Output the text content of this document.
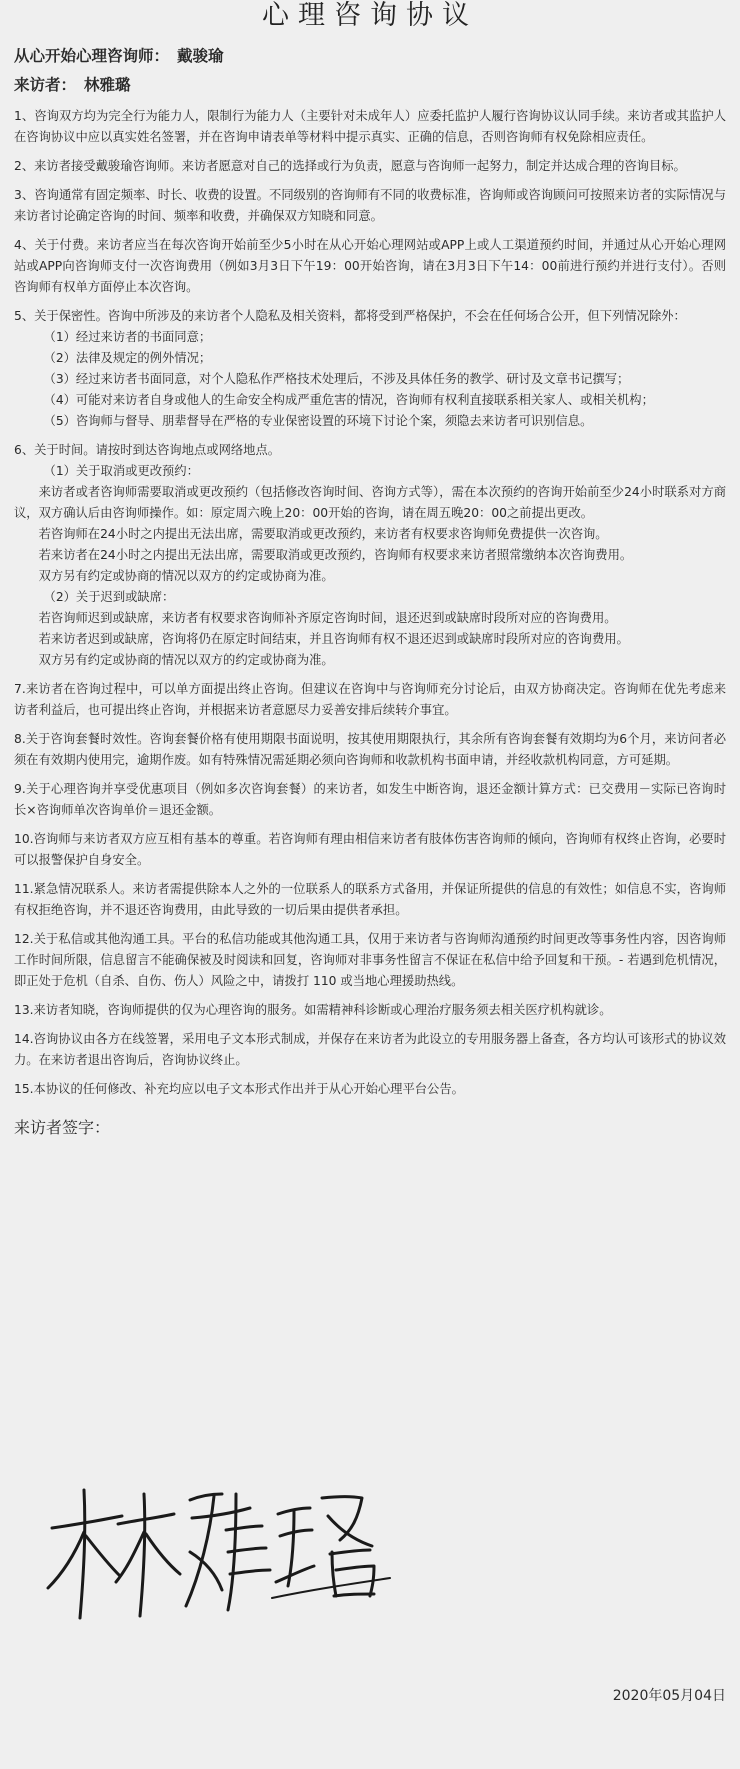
心理咨询协议
从心开始心理咨询师： 戴骏瑜
来访者： 林雅璐

1、咨询双方均为完全行为能力人，限制行为能力人（主要针对未成年人）应委托监护人履行咨询协议认同手续。来访者或其监护人在咨询协议中应以真实姓名签署，并在咨询申请表单等材料中提示真实、正确的信息，否则咨询师有权免除相应责任。

2、来访者接受戴骏瑜咨询师。来访者愿意对自己的选择或行为负责，愿意与咨询师一起努力，制定并达成合理的咨询目标。

3、咨询通常有固定频率、时长、收费的设置。不同级别的咨询师有不同的收费标准，咨询师或咨询顾问可按照来访者的实际情况与来访者讨论确定咨询的时间、频率和收费，并确保双方知晓和同意。

4、关于付费。来访者应当在每次咨询开始前至少5小时在从心开始心理网站或APP上或人工渠道预约时间，并通过从心开始心理网站或APP向咨询师支付一次咨询费用（例如3月3日下午19：00开始咨询，请在3月3日下午14：00前进行预约并进行支付）。否则咨询师有权单方面停止本次咨询。

5、关于保密性。咨询中所涉及的来访者个人隐私及相关资料，都将受到严格保护，不会在任何场合公开，但下列情况除外：

（1）经过来访者的书面同意；

（2）法律及规定的例外情况；

（3）经过来访者书面同意，对个人隐私作严格技术处理后，不涉及具体任务的教学、研讨及文章书记撰写；

（4）可能对来访者自身或他人的生命安全构成严重危害的情况，咨询师有权利直接联系相关家人、或相关机构；

（5）咨询师与督导、朋辈督导在严格的专业保密设置的环境下讨论个案，须隐去来访者可识别信息。

6、关于时间。请按时到达咨询地点或网络地点。

（1）关于取消或更改预约：

来访者或者咨询师需要取消或更改预约（包括修改咨询时间、咨询方式等），需在本次预约的咨询开始前至少24小时联系对方商议，双方确认后由咨询师操作。如：原定周六晚上20：00开始的咨询，请在周五晚20：00之前提出更改。

若咨询师在24小时之内提出无法出席，需要取消或更改预约，来访者有权要求咨询师免费提供一次咨询。

若来访者在24小时之内提出无法出席，需要取消或更改预约，咨询师有权要求来访者照常缴纳本次咨询费用。

双方另有约定或协商的情况以双方的约定或协商为准。

（2）关于迟到或缺席：

若咨询师迟到或缺席，来访者有权要求咨询师补齐原定咨询时间，退还迟到或缺席时段所对应的咨询费用。

若来访者迟到或缺席，咨询将仍在原定时间结束，并且咨询师有权不退还迟到或缺席时段所对应的咨询费用。

双方另有约定或协商的情况以双方的约定或协商为准。

7.来访者在咨询过程中，可以单方面提出终止咨询。但建议在咨询中与咨询师充分讨论后，由双方协商决定。咨询师在优先考虑来访者利益后，也可提出终止咨询，并根据来访者意愿尽力妥善安排后续转介事宜。

8.关于咨询套餐时效性。咨询套餐价格有使用期限书面说明，按其使用期限执行，其余所有咨询套餐有效期均为6个月，来访问者必须在有效期内使用完，逾期作废。如有特殊情况需延期必须向咨询师和收款机构书面申请，并经收款机构同意，方可延期。

9.关于心理咨询并享受优惠项目（例如多次咨询套餐）的来访者，如发生中断咨询，退还金额计算方式：已交费用－实际已咨询时长×咨询师单次咨询单价＝退还金额。

10.咨询师与来访者双方应互相有基本的尊重。若咨询师有理由相信来访者有肢体伤害咨询师的倾向，咨询师有权终止咨询，必要时可以报警保护自身安全。

11.紧急情况联系人。来访者需提供除本人之外的一位联系人的联系方式备用，并保证所提供的信息的有效性；如信息不实，咨询师有权拒绝咨询，并不退还咨询费用，由此导致的一切后果由提供者承担。

12.关于私信或其他沟通工具。平台的私信功能或其他沟通工具，仅用于来访者与咨询师沟通预约时间更改等事务性内容，因咨询师工作时间所限，信息留言不能确保被及时阅读和回复，咨询师对非事务性留言不保证在私信中给予回复和干预。- 若遇到危机情况，即正处于危机（自杀、自伤、伤人）风险之中，请拨打 110 或当地心理援助热线。

13.来访者知晓，咨询师提供的仅为心理咨询的服务。如需精神科诊断或心理治疗服务须去相关医疗机构就诊。

14.咨询协议由各方在线签署，采用电子文本形式制成，并保存在来访者为此设立的专用服务器上备查，各方均认可该形式的协议效力。在来访者退出咨询后，咨询协议终止。

15.本协议的任何修改、补充均应以电子文本形式作出并于从心开始心理平台公告。

来访者签字：
2020年05月04日
